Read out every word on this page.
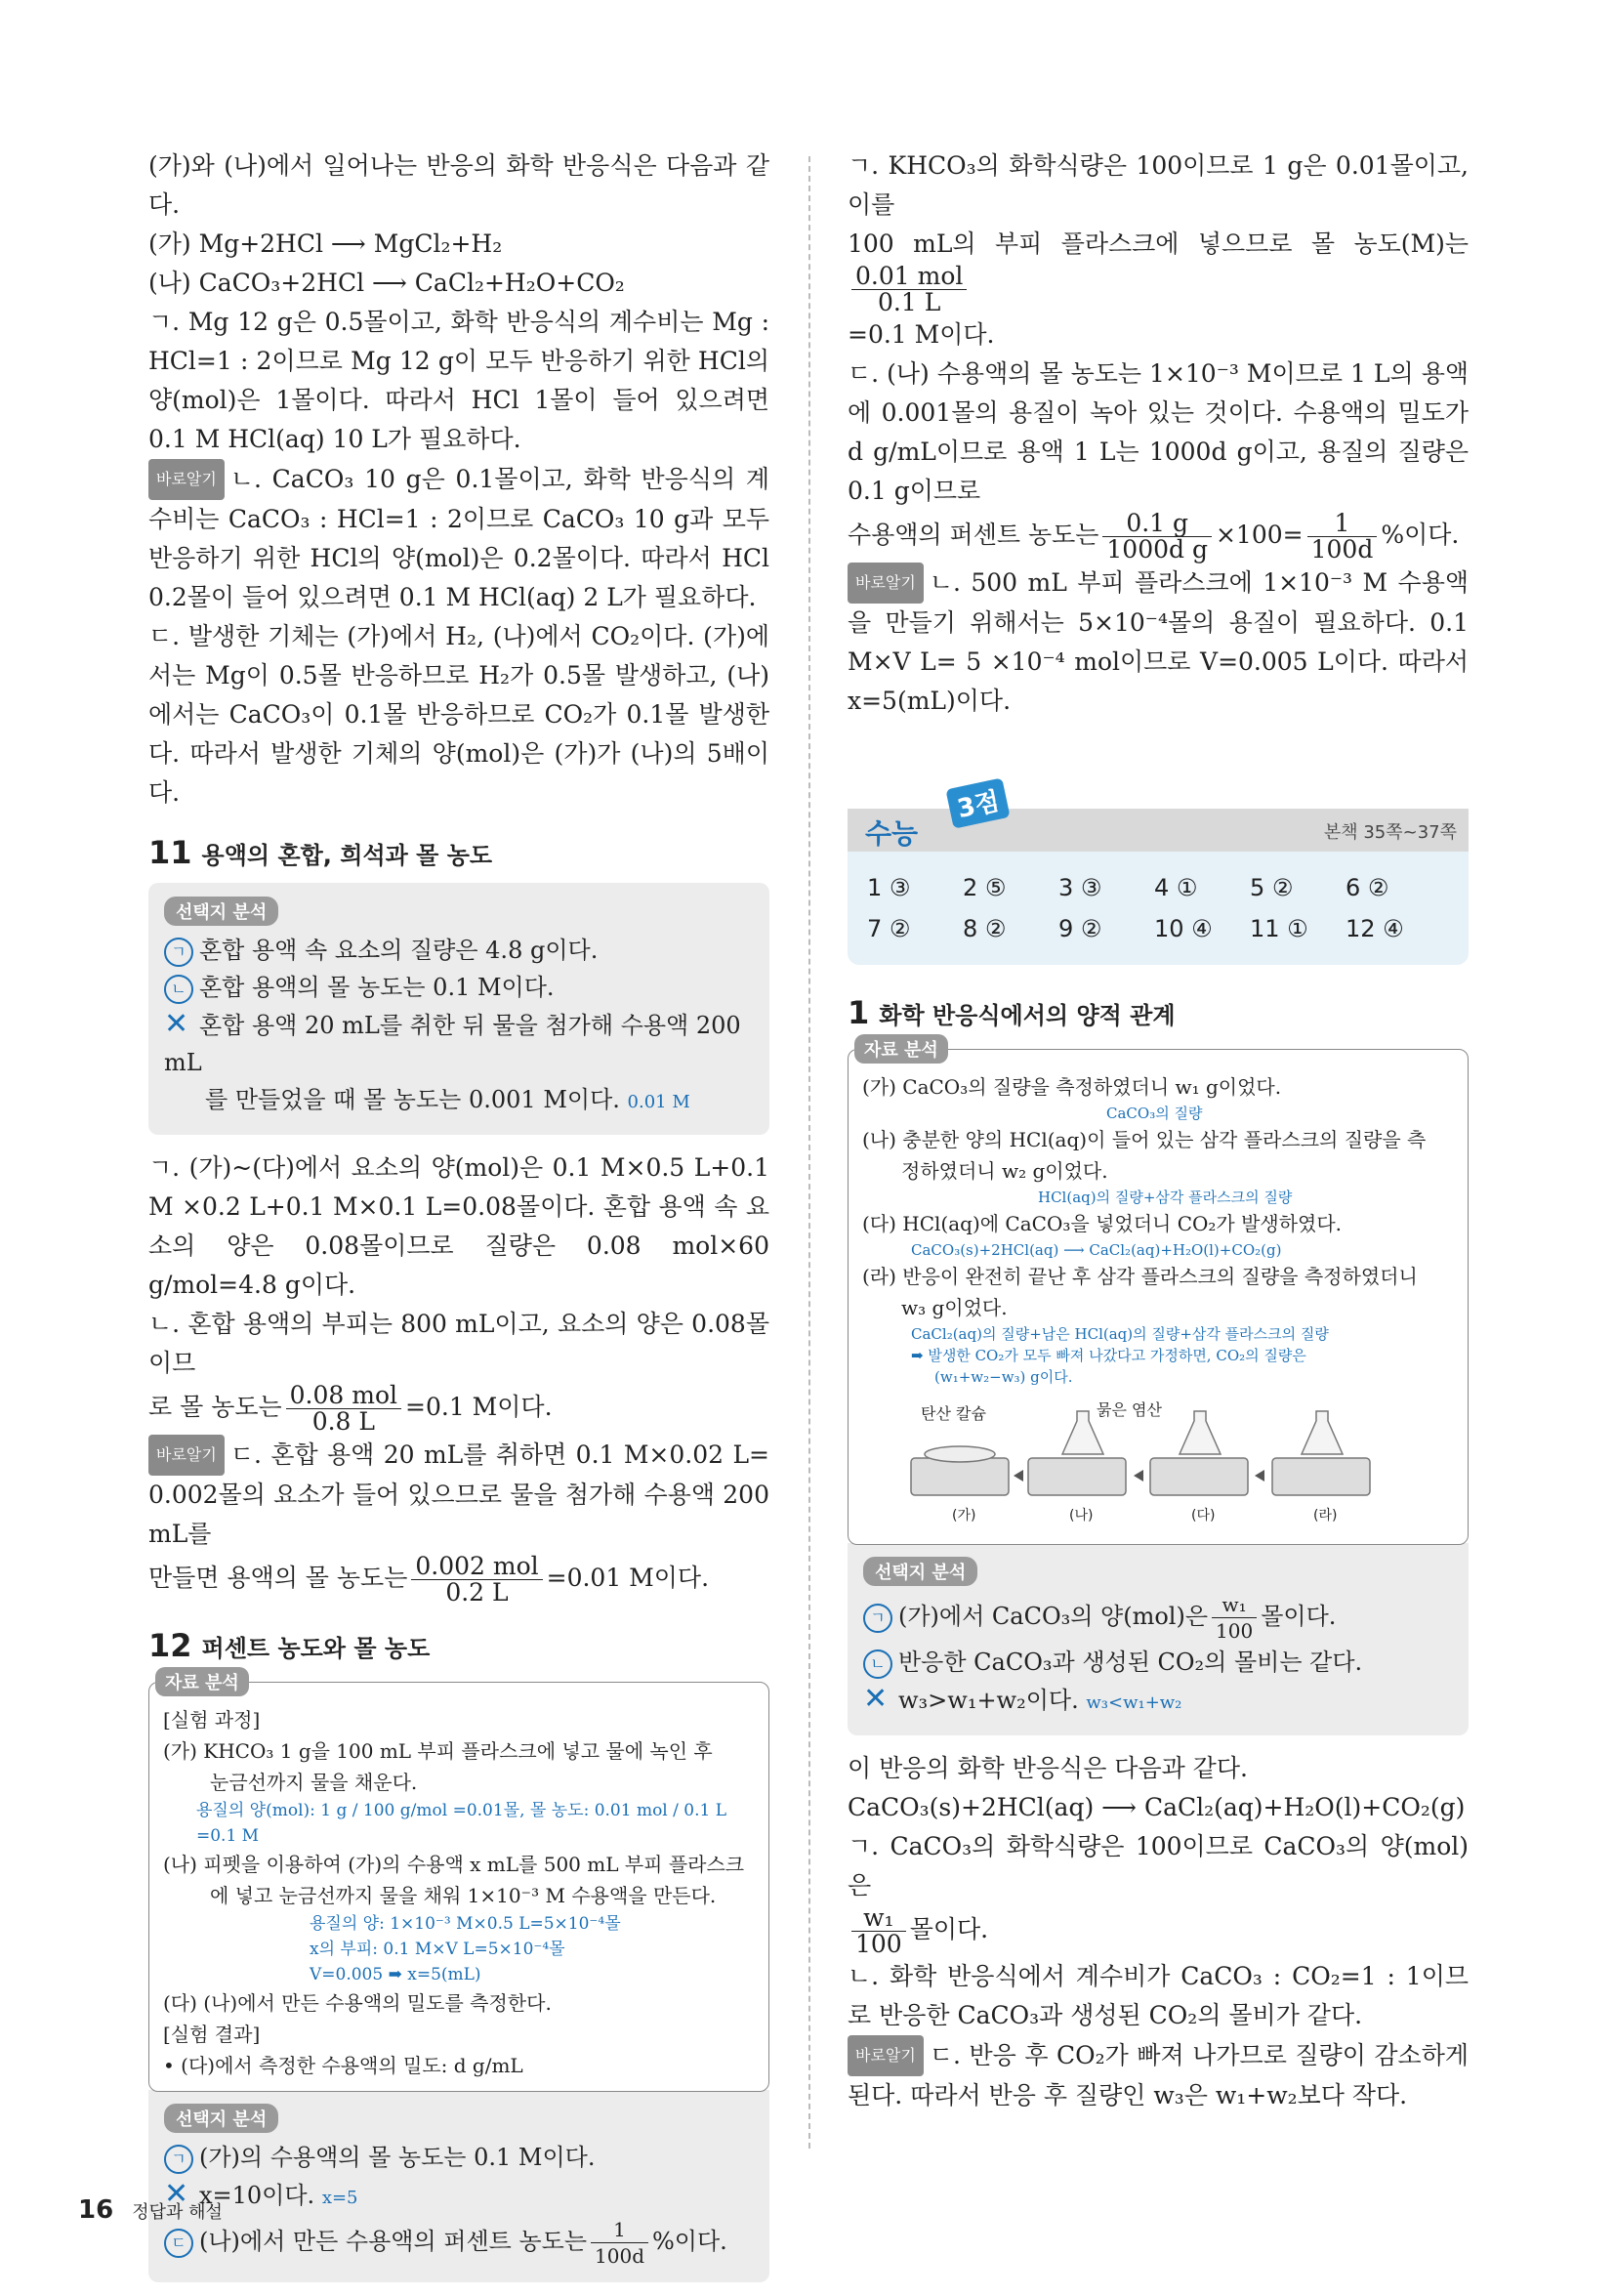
(가)와 (나)에서 일어나는 반응의 화학 반응식은 다음과 같다.

(가) Mg+2HCl ⟶ MgCl₂+H₂

(나) CaCO₃+2HCl ⟶ CaCl₂+H₂O+CO₂

ㄱ. Mg 12 g은 0.5몰이고, 화학 반응식의 계수비는 Mg : HCl=1 : 2이므로 Mg 12 g이 모두 반응하기 위한 HCl의 양(mol)은 1몰이다. 따라서 HCl 1몰이 들어 있으려면 0.1 M HCl(aq) 10 L가 필요하다.

바로알기 ㄴ. CaCO₃ 10 g은 0.1몰이고, 화학 반응식의 계수비는 CaCO₃ : HCl=1 : 2이므로 CaCO₃ 10 g과 모두 반응하기 위한 HCl의 양(mol)은 0.2몰이다. 따라서 HCl 0.2몰이 들어 있으려면 0.1 M HCl(aq) 2 L가 필요하다.

ㄷ. 발생한 기체는 (가)에서 H₂, (나)에서 CO₂이다. (가)에서는 Mg이 0.5몰 반응하므로 H₂가 0.5몰 발생하고, (나)에서는 CaCO₃이 0.1몰 반응하므로 CO₂가 0.1몰 발생한다. 따라서 발생한 기체의 양(mol)은 (가)가 (나)의 5배이다.

11 용액의 혼합, 희석과 몰 농도
선택지 분석

ㄱ 혼합 용액 속 요소의 질량은 4.8 g이다.

ㄴ 혼합 용액의 몰 농도는 0.1 M이다.

✕ 혼합 용액 20 mL를 취한 뒤 물을 첨가해 수용액 200 mL

를 만들었을 때 몰 농도는 0.001 M이다. 0.01 M

ㄱ. (가)~(다)에서 요소의 양(mol)은 0.1 M×0.5 L+0.1 M ×0.2 L+0.1 M×0.1 L=0.08몰이다. 혼합 용액 속 요소의 양은 0.08몰이므로 질량은 0.08 mol×60 g/mol=4.8 g이다.

ㄴ. 혼합 용액의 부피는 800 mL이고, 요소의 양은 0.08몰이므

로 몰 농도는 $\frac{\text{0.08 mol}}{0.8 L} =0.1$ M이다.

바로알기 ㄷ. 혼합 용액 20 mL를 취하면 0.1 M×0.02 L= 0.002몰의 요소가 들어 있으므로 물을 첨가해 수용액 200 mL를

만들면 용액의 몰 농도는 $\frac{\text{0.002 mol}}{0.2 L} =0.01$ M이다.

12 퍼센트 농도와 몰 농도
자료 분석

[실험 과정]

(가) KHCO₃ 1 g을 100 mL 부피 플라스크에 넣고 물에 녹인 후

눈금선까지 물을 채운다.

용질의 양(mol): 1 g / 100 g/mol =0.01몰, 몰 농도: 0.01 mol / 0.1 L =0.1 M

(나) 피펫을 이용하여 (가)의 수용액 x mL를 500 mL 부피 플라스크

에 넣고 눈금선까지 물을 채워 1×10⁻³ M 수용액을 만든다.

용질의 양: 1×10⁻³ M×0.5 L=5×10⁻⁴몰

x의 부피: 0.1 M×V L=5×10⁻⁴몰

V=0.005 ➡ x=5(mL)

(다) (나)에서 만든 수용액의 밀도를 측정한다.

[실험 결과]

• (다)에서 측정한 수용액의 밀도: d g/mL

선택지 분석

ㄱ (가)의 수용액의 몰 농도는 0.1 M이다.

✕ x=10이다. x=5

ㄷ (나)에서 만든 수용액의 퍼센트 농도는 $\frac{1}{100d}$ %이다.

ㄱ. KHCO₃의 화학식량은 100이므로 1 g은 0.01몰이고, 이를

100 mL의 부피 플라스크에 넣으므로 몰 농도(M)는
$\frac{\text{0.01 mol}}{0.1 L}$

=0.1 M이다.

ㄷ. (나) 수용액의 몰 농도는 1×10⁻³ M이므로 1 L의 용액에 0.001몰의 용질이 녹아 있는 것이다. 수용액의 밀도가 d g/mL이므로 용액 1 L는 1000d g이고, 용질의 질량은 0.1 g이므로

수용액의 퍼센트 농도는 $\frac{0.1 g}{\text{1000d g}} \times 100= \frac{1}{100d}$ %이다.

바로알기 ㄴ. 500 mL 부피 플라스크에 1×10⁻³ M 수용액을 만들기 위해서는 5×10⁻⁴몰의 용질이 필요하다. 0.1 M×V L= 5 ×10⁻⁴ mol이므로 V=0.005 L이다. 따라서 x=5(mL)이다.

수능
3점
본책 35쪽~37쪽
1 ③	2 ⑤	3 ③	4 ①	5 ②	6 ②
7 ②	8 ②	9 ②	10 ④	11 ①	12 ④
1 화학 반응식에서의 양적 관계
자료 분석

(가) CaCO₃의 질량을 측정하였더니 w₁ g이었다.

CaCO₃의 질량

(나) 충분한 양의 HCl(aq)이 들어 있는 삼각 플라스크의 질량을 측

정하였더니 w₂ g이었다.

HCl(aq)의 질량+삼각 플라스크의 질량

(다) HCl(aq)에 CaCO₃을 넣었더니 CO₂가 발생하였다.

CaCO₃(s)+2HCl(aq) ⟶ CaCl₂(aq)+H₂O(l)+CO₂(g)

(라) 반응이 완전히 끝난 후 삼각 플라스크의 질량을 측정하였더니

w₃ g이었다.

CaCl₂(aq)의 질량+남은 HCl(aq)의 질량+삼각 플라스크의 질량

➡ 발생한 CO₂가 모두 빠져 나갔다고 가정하면, CO₂의 질량은

(w₁+w₂−w₃) g이다.

탄산 칼슘	묽은 염산
(가)	(나)	(다)	(라)
선택지 분석

ㄱ (가)에서 CaCO₃의 양(mol)은 $\frac{\text{w₁}}{100}$ 몰이다.

ㄴ 반응한 CaCO₃과 생성된 CO₂의 몰비는 같다.

✕ w₃>w₁+w₂이다. w₃<w₁+w₂

이 반응의 화학 반응식은 다음과 같다.

CaCO₃(s)+2HCl(aq) ⟶ CaCl₂(aq)+H₂O(l)+CO₂(g)

ㄱ. CaCO₃의 화학식량은 100이므로 CaCO₃의 양(mol)은

$\frac{\text{w₁}}{100}$ 몰이다.

ㄴ. 화학 반응식에서 계수비가 CaCO₃ : CO₂=1 : 1이므로 반응한 CaCO₃과 생성된 CO₂의 몰비가 같다.

바로알기 ㄷ. 반응 후 CO₂가 빠져 나가므로 질량이 감소하게 된다. 따라서 반응 후 질량인 w₃은 w₁+w₂보다 작다.

16 정답과 해설
